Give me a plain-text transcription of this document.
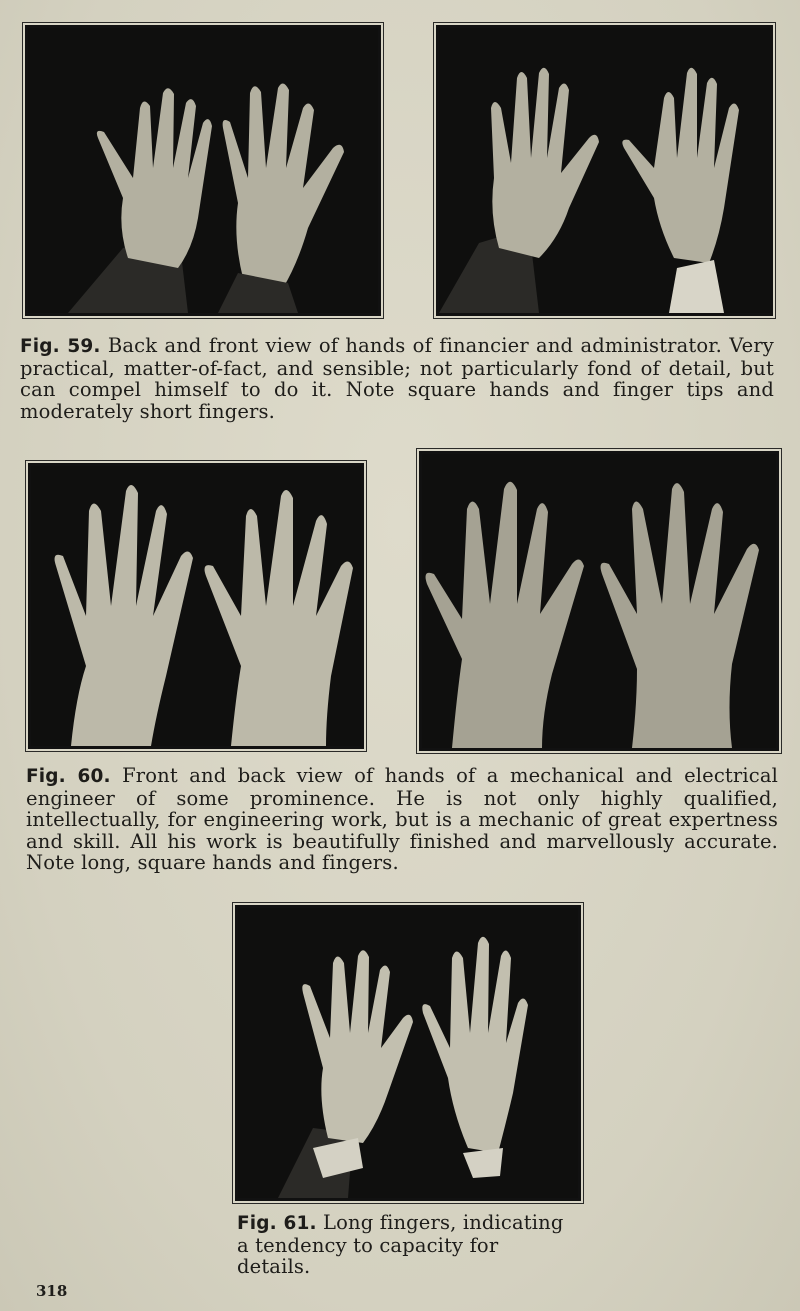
Fig. 59. Back and front view of hands of financier and administrator. Very practical, matter-of-fact, and sensible; not particularly fond of detail, but can compel himself to do it. Note square hands and finger tips and moderately short fingers.
Fig. 60. Front and back view of hands of a mechanical and electrical engineer of some prominence. He is not only highly qualified, intellectually, for engineering work, but is a mechanic of great expertness and skill. All his work is beautifully finished and marvellously accurate. Note long, square hands and fingers.
Fig. 61. Long fingers, indicating a tendency to capacity for details.
318
